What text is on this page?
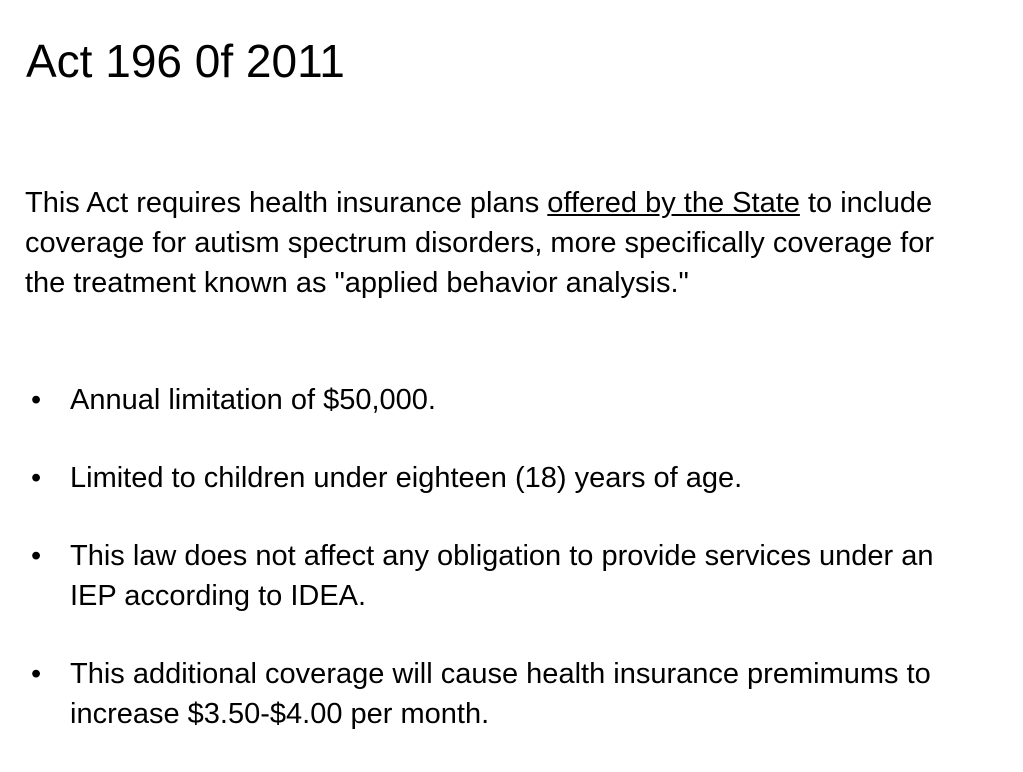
Act 196 0f 2011

This Act requires health insurance plans offered by the State to include coverage for autism spectrum disorders, more specifically coverage for the treatment known as "applied behavior analysis."

• Annual limitation of $50,000.
• Limited to children under eighteen (18) years of age.
• This law does not affect any obligation to provide services under an IEP according to IDEA.
• This additional coverage will cause health insurance premimums to increase $3.50-$4.00 per month.
